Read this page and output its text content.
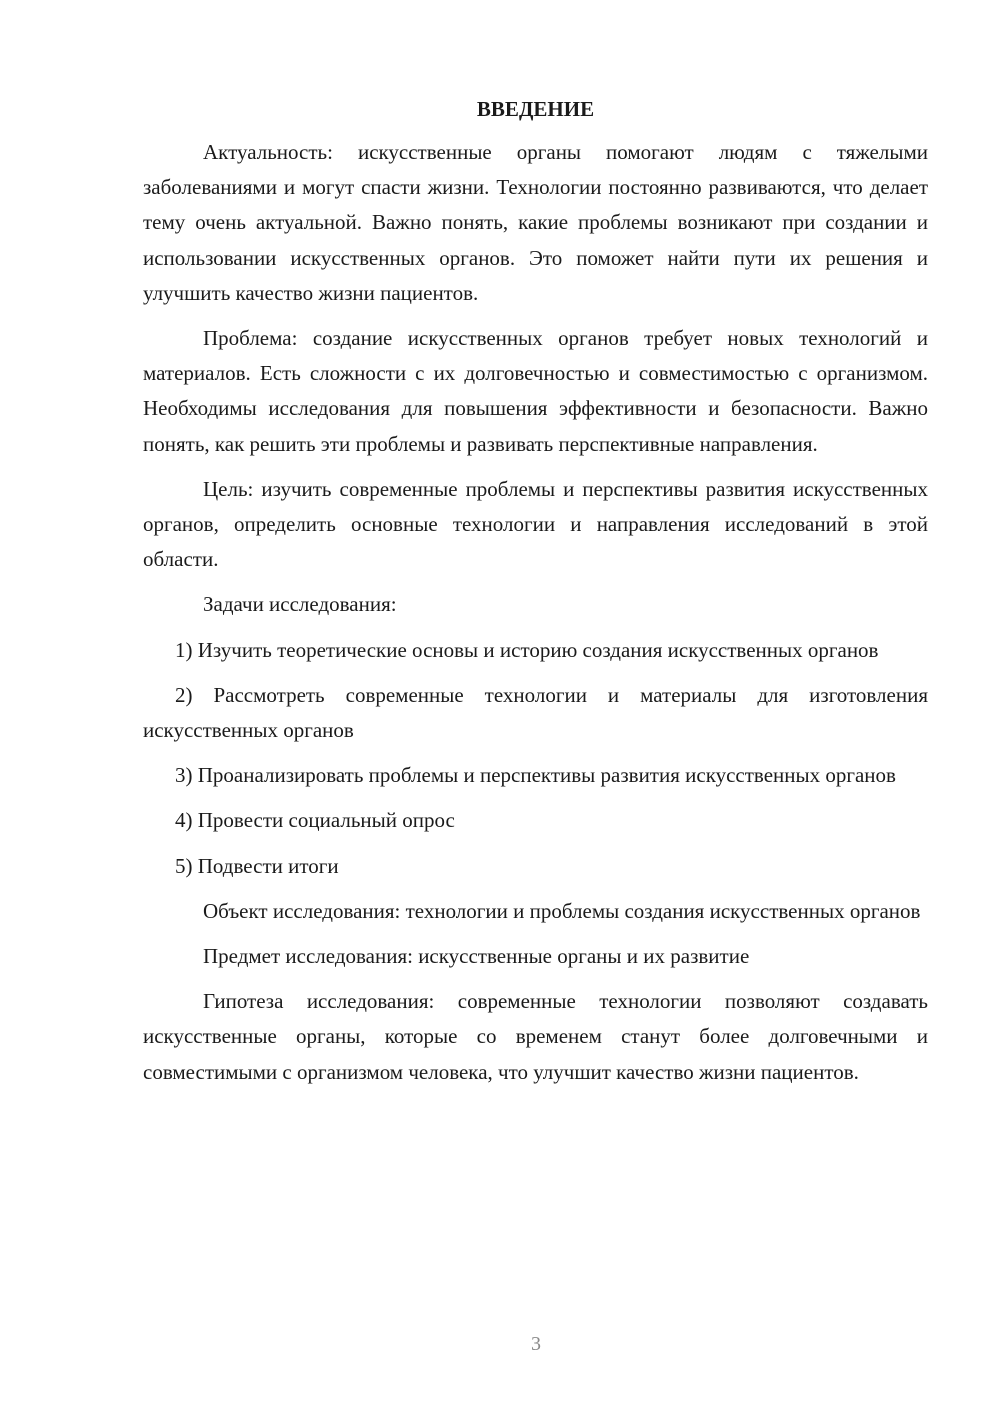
ВВЕДЕНИЕ

Актуальность: искусственные органы помогают людям с тяжелыми заболеваниями и могут спасти жизни. Технологии постоянно развиваются, что делает тему очень актуальной. Важно понять, какие проблемы возникают при создании и использовании искусственных органов. Это поможет найти пути их решения и улучшить качество жизни пациентов.

Проблема: создание искусственных органов требует новых технологий и материалов. Есть сложности с их долговечностью и совместимостью с организмом. Необходимы исследования для повышения эффективности и безопасности. Важно понять, как решить эти проблемы и развивать перспективные направления.

Цель: изучить современные проблемы и перспективы развития искусственных органов, определить основные технологии и направления исследований в этой области.

Задачи исследования:

1) Изучить теоретические основы и историю создания искусственных органов

2) Рассмотреть современные технологии и материалы для изготовления искусственных органов

3) Проанализировать проблемы и перспективы развития искусственных органов

4) Провести социальный опрос

5) Подвести итоги

Объект исследования: технологии и проблемы создания искусственных органов

Предмет исследования: искусственные органы и их развитие

Гипотеза исследования: современные технологии позволяют создавать искусственные органы, которые со временем станут более долговечными и совместимыми с организмом человека, что улучшит качество жизни пациентов.

3
